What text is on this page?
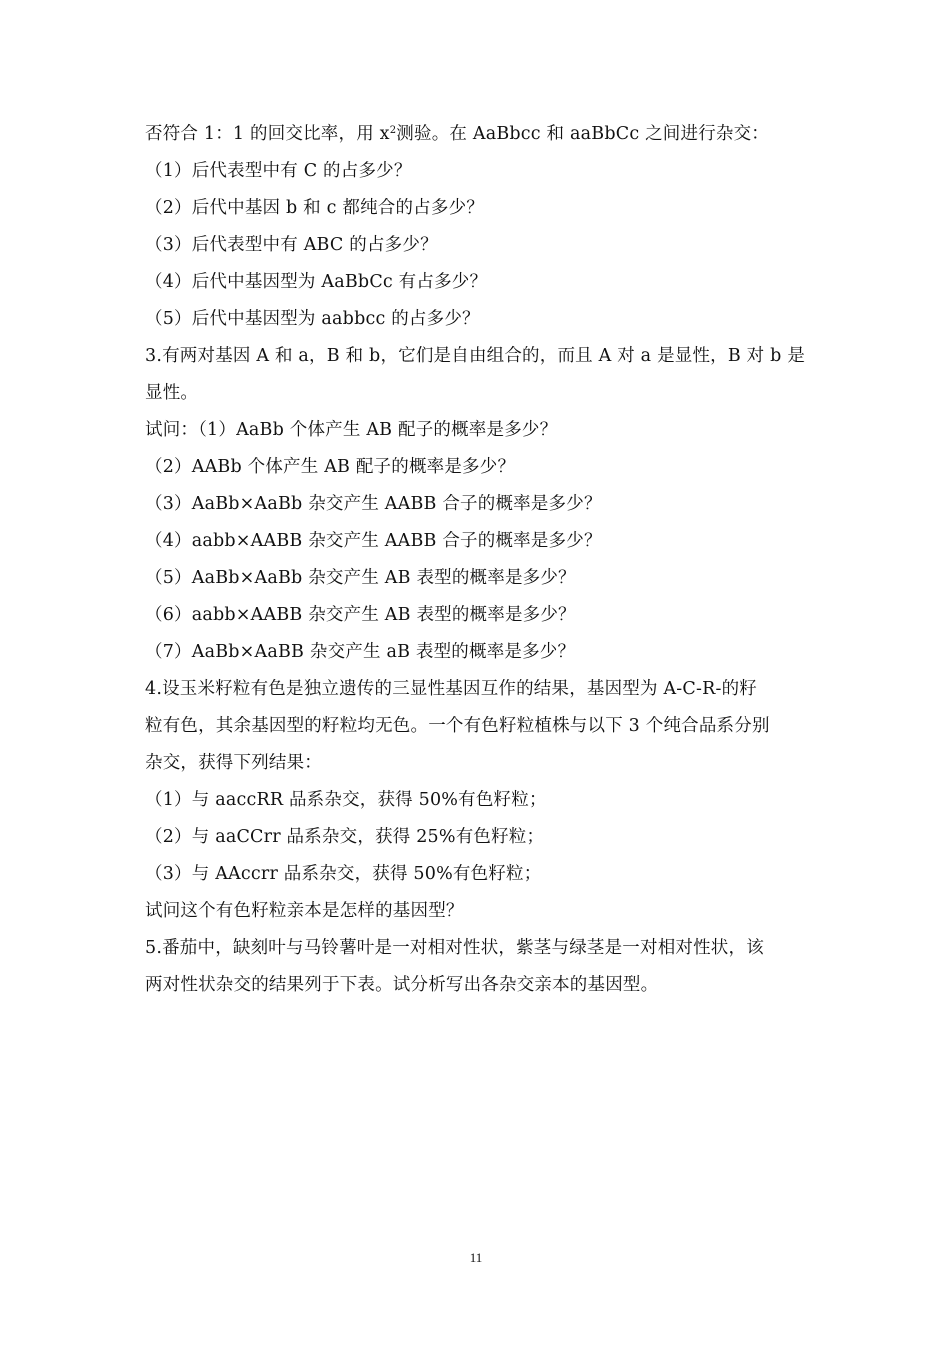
否符合 1：1 的回交比率，用 $x^2$测验。在 AaBbcc 和 aaBbCc 之间进行杂交：
（1）后代表型中有 C 的占多少？
（2）后代中基因 b 和 c 都纯合的占多少？
（3）后代表型中有 ABC 的占多少？
（4）后代中基因型为 AaBbCc 有占多少？
（5）后代中基因型为 aabbcc 的占多少？
3.有两对基因 A 和 a，B 和 b，它们是自由组合的，而且 A 对 a 是显性，B 对 b 是
显性。
试问：（1）AaBb 个体产生 AB 配子的概率是多少？
（2）AABb 个体产生 AB 配子的概率是多少？
（3）AaBb×AaBb 杂交产生 AABB 合子的概率是多少？
（4）aabb×AABB 杂交产生 AABB 合子的概率是多少？
（5）AaBb×AaBb 杂交产生 AB 表型的概率是多少？
（6）aabb×AABB 杂交产生 AB 表型的概率是多少？
（7）AaBb×AaBB 杂交产生 aB 表型的概率是多少？
4.设玉米籽粒有色是独立遗传的三显性基因互作的结果，基因型为 A-C-R-的籽
粒有色，其余基因型的籽粒均无色。一个有色籽粒植株与以下 3 个纯合品系分别
杂交，获得下列结果：
（1）与 aaccRR 品系杂交，获得 50%有色籽粒；
（2）与 aaCCrr 品系杂交，获得 25%有色籽粒；
（3）与 AAccrr 品系杂交，获得 50%有色籽粒；
试问这个有色籽粒亲本是怎样的基因型？
5.番茄中，缺刻叶与马铃薯叶是一对相对性状，紫茎与绿茎是一对相对性状，该
两对性状杂交的结果列于下表。试分析写出各杂交亲本的基因型。
11
